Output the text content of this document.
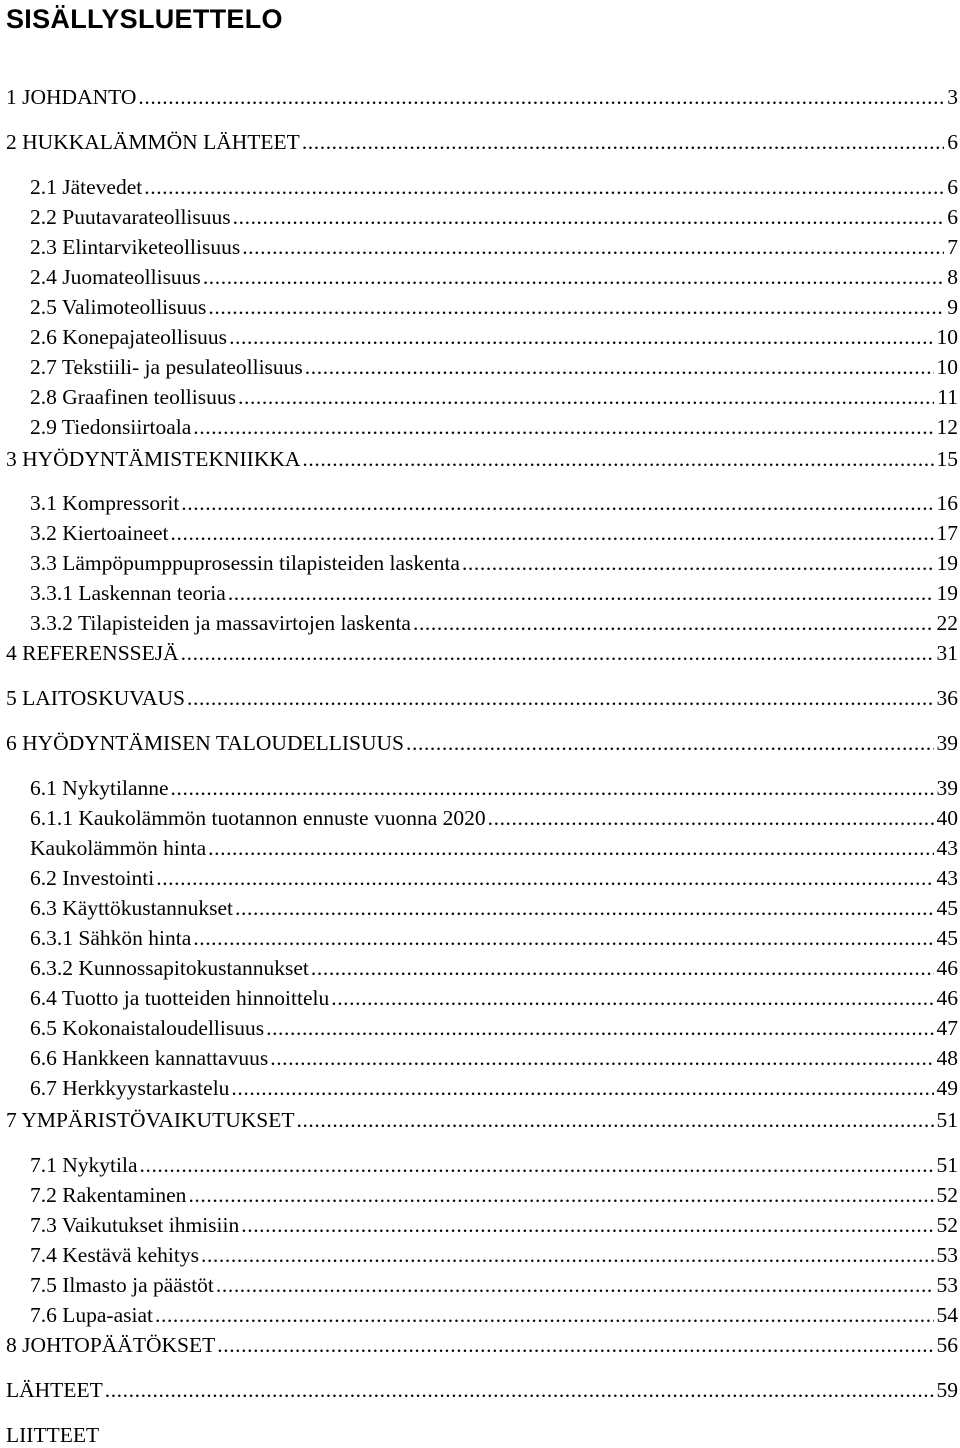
SISÄLLYSLUETTELO
1 JOHDANTO .....	3
2 HUKKALÄMMÖN LÄHTEET .....	6
2.1 Jätevedet .....	6
2.2 Puutavarateollisuus .....	6
2.3 Elintarviketeollisuus .....	7
2.4 Juomateollisuus .....	8
2.5 Valimoteollisuus .....	9
2.6 Konepajateollisuus .....	10
2.7 Tekstiili- ja pesulateollisuus .....	10
2.8 Graafinen teollisuus .....	11
2.9 Tiedonsiirtoala .....	12
3 HYÖDYNTÄMISTEKNIIKKA .....	15
3.1 Kompressorit .....	16
3.2 Kiertoaineet .....	17
3.3 Lämpöpumppuprosessin tilapisteiden laskenta .....	19
3.3.1 Laskennan teoria .....	19
3.3.2 Tilapisteiden ja massavirtojen laskenta .....	22
4 REFERENSSEJÄ .....	31
5 LAITOSKUVAUS .....	36
6 HYÖDYNTÄMISEN TALOUDELLISUUS .....	39
6.1 Nykytilanne .....	39
6.1.1 Kaukolämmön tuotannon ennuste vuonna 2020 .....	40
Kaukolämmön hinta .....	43
6.2 Investointi .....	43
6.3 Käyttökustannukset .....	45
6.3.1 Sähkön hinta .....	45
6.3.2 Kunnossapitokustannukset .....	46
6.4 Tuotto ja tuotteiden hinnoittelu .....	46
6.5 Kokonaistaloudellisuus .....	47
6.6 Hankkeen kannattavuus .....	48
6.7 Herkkyystarkastelu .....	49
7 YMPÄRISTÖVAIKUTUKSET .....	51
7.1 Nykytila .....	51
7.2 Rakentaminen .....	52
7.3 Vaikutukset ihmisiin .....	52
7.4 Kestävä kehitys .....	53
7.5 Ilmasto ja päästöt .....	53
7.6 Lupa-asiat .....	54
8 JOHTOPÄÄTÖKSET .....	56
LÄHTEET .....	59
LIITTEET
